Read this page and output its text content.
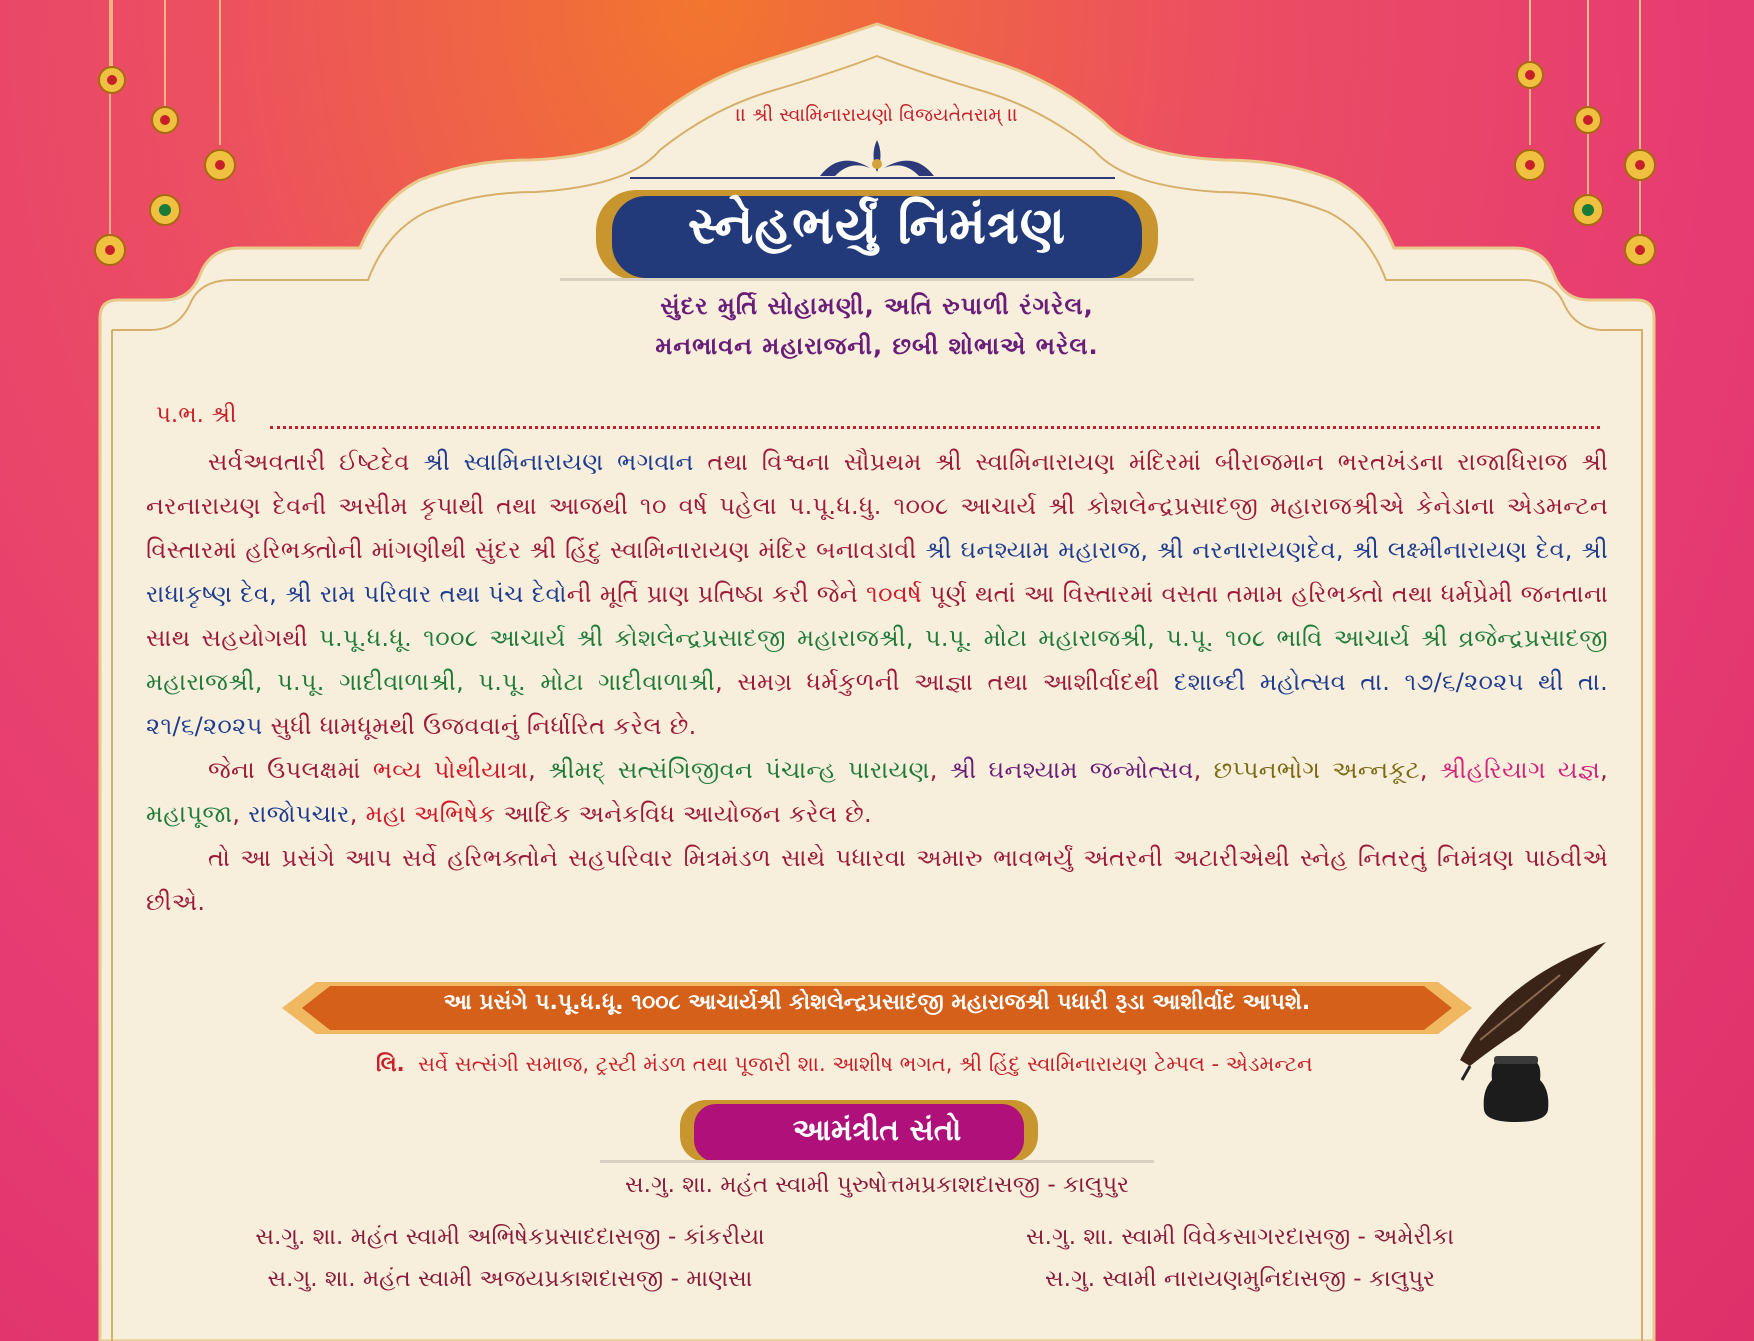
।। શ્રી સ્વામિનારાયણો વિજયતેતરામ્ ।।
સ્નેહભર્યું નિમંત્રણ
સુંદર મુર્તિ સોહામણી, અતિ રુપાળી રંગરેલ,
મનભાવન મહારાજની, છબી શોભાએ ભરેલ.
પ.ભ. શ્રી

સર્વઅવતારી ઈષ્ટદેવ શ્રી સ્વામિનારાયણ ભગવાન તથા વિશ્વના સૌપ્રથમ શ્રી સ્વામિનારાયણ મંદિરમાં બીરાજમાન ભરતખંડના રાજાધિરાજ શ્રી નરનારાયણ દેવની અસીમ કૃપાથી તથા આજથી ૧૦ વર્ષ પહેલા પ.પૂ.ધ.ધુ. ૧૦૦૮ આચાર્ય શ્રી કોશલેન્દ્રપ્રસાદજી મહારાજશ્રીએ કેનેડાના એડમન્ટન વિસ્તારમાં હરિભક્તોની માંગણીથી સુંદર શ્રી હિંદુ સ્વામિનારાયણ મંદિર બનાવડાવી શ્રી ઘનશ્યામ મહારાજ, શ્રી નરનારાયણદેવ, શ્રી લક્ષ્મીનારાયણ દેવ, શ્રી રાધાકૃષ્ણ દેવ, શ્રી રામ પરિવાર તથા પંચ દેવોની મૂર્તિ પ્રાણ પ્રતિષ્ઠા કરી જેને ૧૦વર્ષ પૂર્ણ થતાં આ વિસ્તારમાં વસતા તમામ હરિભક્તો તથા ધર્મપ્રેમી જનતાના સાથ સહયોગથી પ.પૂ.ધ.ધૂ. ૧૦૦૮ આચાર્ય શ્રી કોશલેન્દ્રપ્રસાદજી મહારાજશ્રી, પ.પૂ. મોટા મહારાજશ્રી, પ.પૂ. ૧૦૮ ભાવિ આચાર્ય શ્રી વ્રજેન્દ્રપ્રસાદજી મહારાજશ્રી, પ.પૂ. ગાદીવાળાશ્રી, પ.પૂ. મોટા ગાદીવાળાશ્રી, સમગ્ર ધર્મકુળની આજ્ઞા તથા આશીર્વાદથી દશાબ્દી મહોત્સવ તા. ૧૭/૬/૨૦૨૫ થી તા. ૨૧/૬/૨૦૨૫ સુધી ધામધૂમથી ઉજવવાનું નિર્ધારિત કરેલ છે.

જેના ઉપલક્ષમાં ભવ્ય પોથીયાત્રા, શ્રીમદ્ સત્સંગિજીવન પંચાન્હ પારાયણ, શ્રી ઘનશ્યામ જન્મોત્સવ, છપ્પનભોગ અન્નકૂટ, શ્રીહરિયાગ યજ્ઞ, મહાપૂજા, રાજોપચાર, મહા અભિષેક આદિક અનેકવિધ આયોજન કરેલ છે.

તો આ પ્રસંગે આપ સર્વે હરિભક્તોને સહપરિવાર મિત્રમંડળ સાથે પધારવા અમારુ ભાવભર્યું અંતરની અટારીએથી સ્નેહ નિતરતું નિમંત્રણ પાઠવીએ છીએ.

આ પ્રસંગે પ.પૂ.ધ.ધૂ. ૧૦૦૮ આચાર્યશ્રી કોશલેન્દ્રપ્રસાદજી મહારાજશ્રી પધારી રૂડા આશીર્વાદ આપશે.
લિ. સર્વે સત્સંગી સમાજ, ટ્રસ્ટી મંડળ તથા પૂજારી શા. આશીષ ભગત, શ્રી હિંદુ સ્વામિનારાયણ ટેમ્પલ - એડમન્ટન
આમંત્રીત સંતો
સ.ગુ. શા. મહંત સ્વામી પુરુષોત્તમપ્રકાશદાસજી - કાલુપુર
સ.ગુ. શા. મહંત સ્વામી અભિષેકપ્રસાદદાસજી - કાંકરીયા
સ.ગુ. શા. મહંત સ્વામી અજયપ્રકાશદાસજી - માણસા
સ.ગુ. શા. સ્વામી વિવેકસાગરદાસજી - અમેરીકા
સ.ગુ. સ્વામી નારાયણમુનિદાસજી - કાલુપુર
